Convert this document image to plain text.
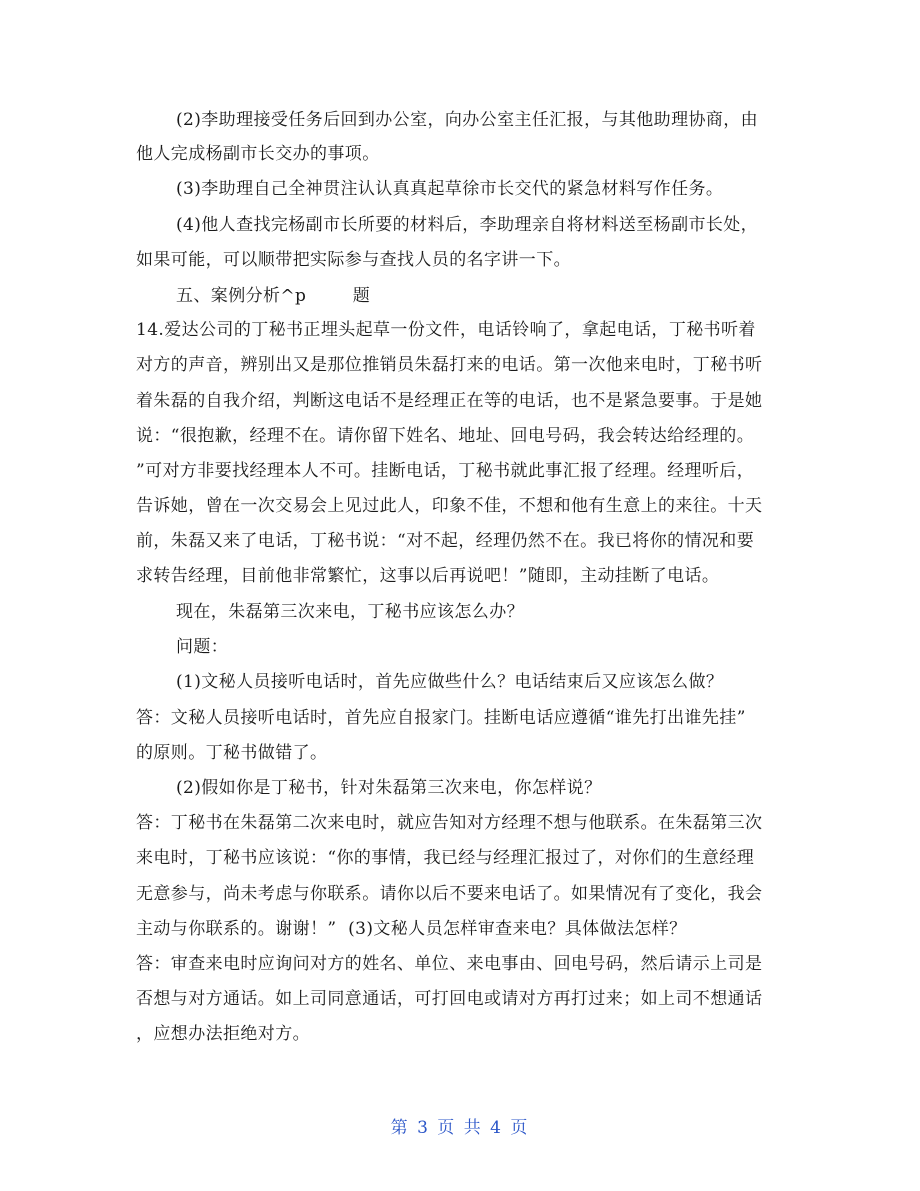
(2)李助理接受任务后回到办公室，向办公室主任汇报，与其他助理协商，由
他人完成杨副市长交办的事项。
(3)李助理自己全神贯注认认真真起草徐市长交代的紧急材料写作任务。
(4)他人查找完杨副市长所要的材料后，李助理亲自将材料送至杨副市长处，
如果可能，可以顺带把实际参与查找人员的名字讲一下。
五、案例分析^p        题
14.爱达公司的丁秘书正埋头起草一份文件，电话铃响了，拿起电话，丁秘书听着
对方的声音，辨别出又是那位推销员朱磊打来的电话。第一次他来电时，丁秘书听
着朱磊的自我介绍，判断这电话不是经理正在等的电话，也不是紧急要事。于是她
说：“很抱歉，经理不在。请你留下姓名、地址、回电号码，我会转达给经理的。
”可对方非要找经理本人不可。挂断电话，丁秘书就此事汇报了经理。经理听后，
告诉她，曾在一次交易会上见过此人，印象不佳，不想和他有生意上的来往。十天
前，朱磊又来了电话，丁秘书说：“对不起，经理仍然不在。我已将你的情况和要
求转告经理，目前他非常繁忙，这事以后再说吧！”随即，主动挂断了电话。
现在，朱磊第三次来电，丁秘书应该怎么办？
问题：
(1)文秘人员接听电话时，首先应做些什么？电话结束后又应该怎么做？
答：文秘人员接听电话时，首先应自报家门。挂断电话应遵循“谁先打出谁先挂”
的原则。丁秘书做错了。
(2)假如你是丁秘书，针对朱磊第三次来电，你怎样说？
答：丁秘书在朱磊第二次来电时，就应告知对方经理不想与他联系。在朱磊第三次
来电时，丁秘书应该说：“你的事情，我已经与经理汇报过了，对你们的生意经理
无意参与，尚未考虑与你联系。请你以后不要来电话了。如果情况有了变化，我会
主动与你联系的。谢谢！”  (3)文秘人员怎样审查来电？具体做法怎样？
答：审查来电时应询问对方的姓名、单位、来电事由、回电号码，然后请示上司是
否想与对方通话。如上司同意通话，可打回电或请对方再打过来；如上司不想通话
，应想办法拒绝对方。
第 3 页 共 4 页
